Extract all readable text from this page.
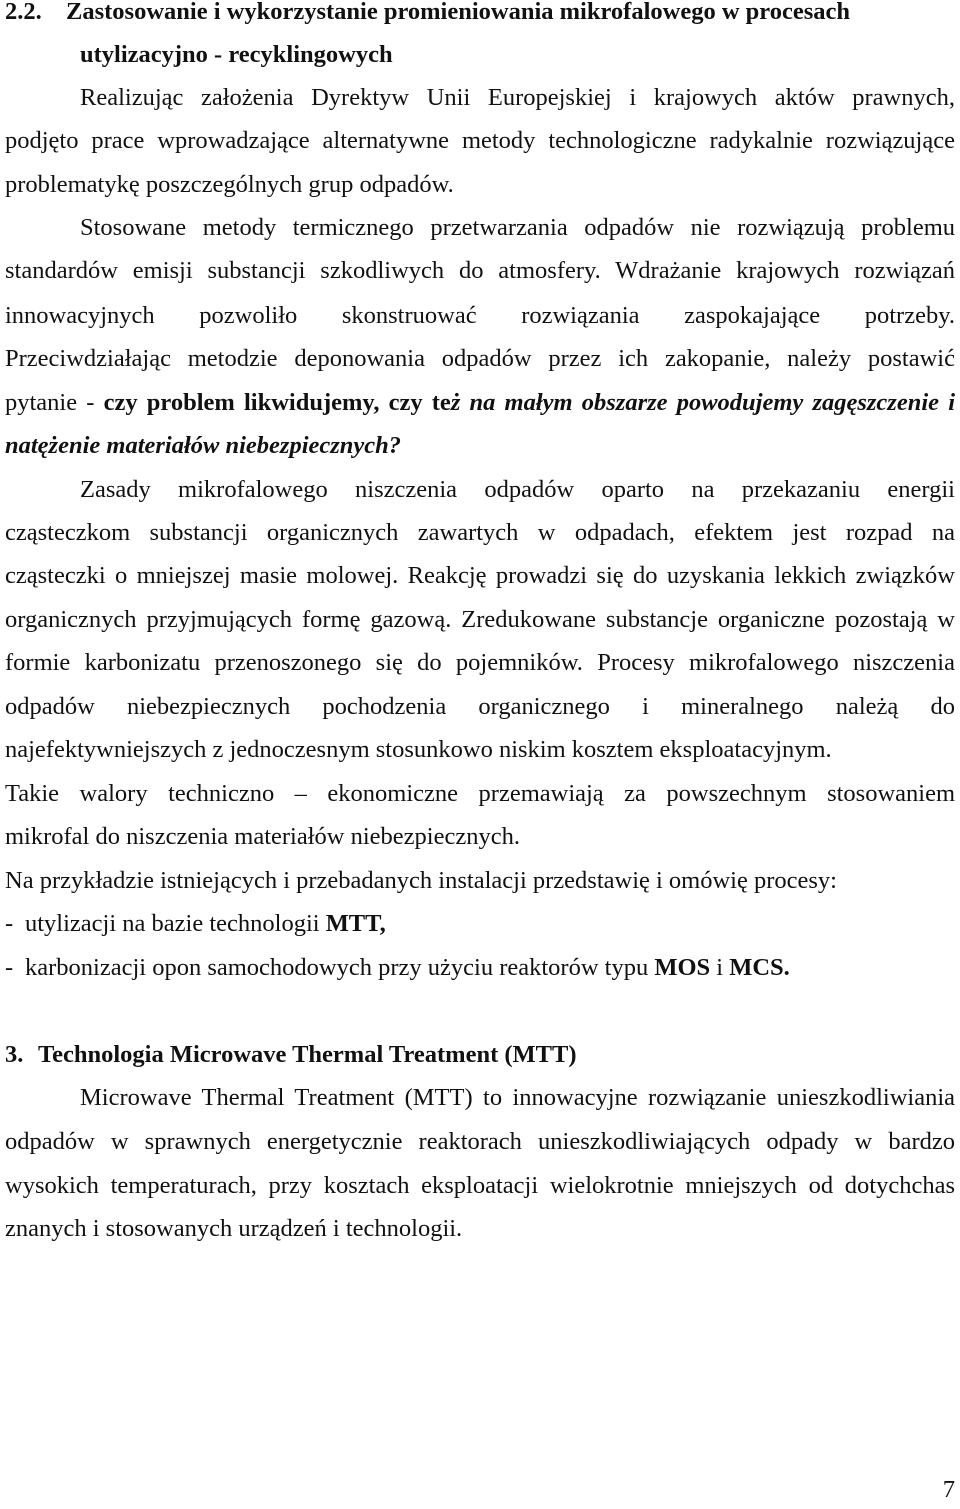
2.2. Zastosowanie i wykorzystanie promieniowania mikrofalowego w procesach
utylizacyjno - recyklingowych
Realizując założenia Dyrektyw Unii Europejskiej i krajowych aktów prawnych,
podjęto prace wprowadzające alternatywne metody technologiczne radykalnie rozwiązujące
problematykę poszczególnych grup odpadów.
Stosowane metody termicznego przetwarzania odpadów nie rozwiązują problemu
standardów emisji substancji szkodliwych do atmosfery. Wdrażanie krajowych rozwiązań
innowacyjnych pozwoliło skonstruować rozwiązania zaspokajające potrzeby.
Przeciwdziałając metodzie deponowania odpadów przez ich zakopanie, należy postawić
pytanie - czy problem likwidujemy, czy też na małym obszarze powodujemy zagęszczenie i
natężenie materiałów niebezpiecznych?
Zasady mikrofalowego niszczenia odpadów oparto na przekazaniu energii
cząsteczkom substancji organicznych zawartych w odpadach, efektem jest rozpad na
cząsteczki o mniejszej masie molowej. Reakcję prowadzi się do uzyskania lekkich związków
organicznych przyjmujących formę gazową. Zredukowane substancje organiczne pozostają w
formie karbonizatu przenoszonego się do pojemników. Procesy mikrofalowego niszczenia
odpadów niebezpiecznych pochodzenia organicznego i mineralnego należą do
najefektywniejszych z jednoczesnym stosunkowo niskim kosztem eksploatacyjnym.
Takie walory techniczno – ekonomiczne przemawiają za powszechnym stosowaniem
mikrofal do niszczenia materiałów niebezpiecznych.
Na przykładzie istniejących i przebadanych instalacji przedstawię i omówię procesy:
- utylizacji na bazie technologii MTT,
- karbonizacji opon samochodowych przy użyciu reaktorów typu MOS i MCS.
3. Technologia Microwave Thermal Treatment (MTT)
Microwave Thermal Treatment (MTT) to innowacyjne rozwiązanie unieszkodliwiania
odpadów w sprawnych energetycznie reaktorach unieszkodliwiających odpady w bardzo
wysokich temperaturach, przy kosztach eksploatacji wielokrotnie mniejszych od dotychchas
znanych i stosowanych urządzeń i technologii.
7
